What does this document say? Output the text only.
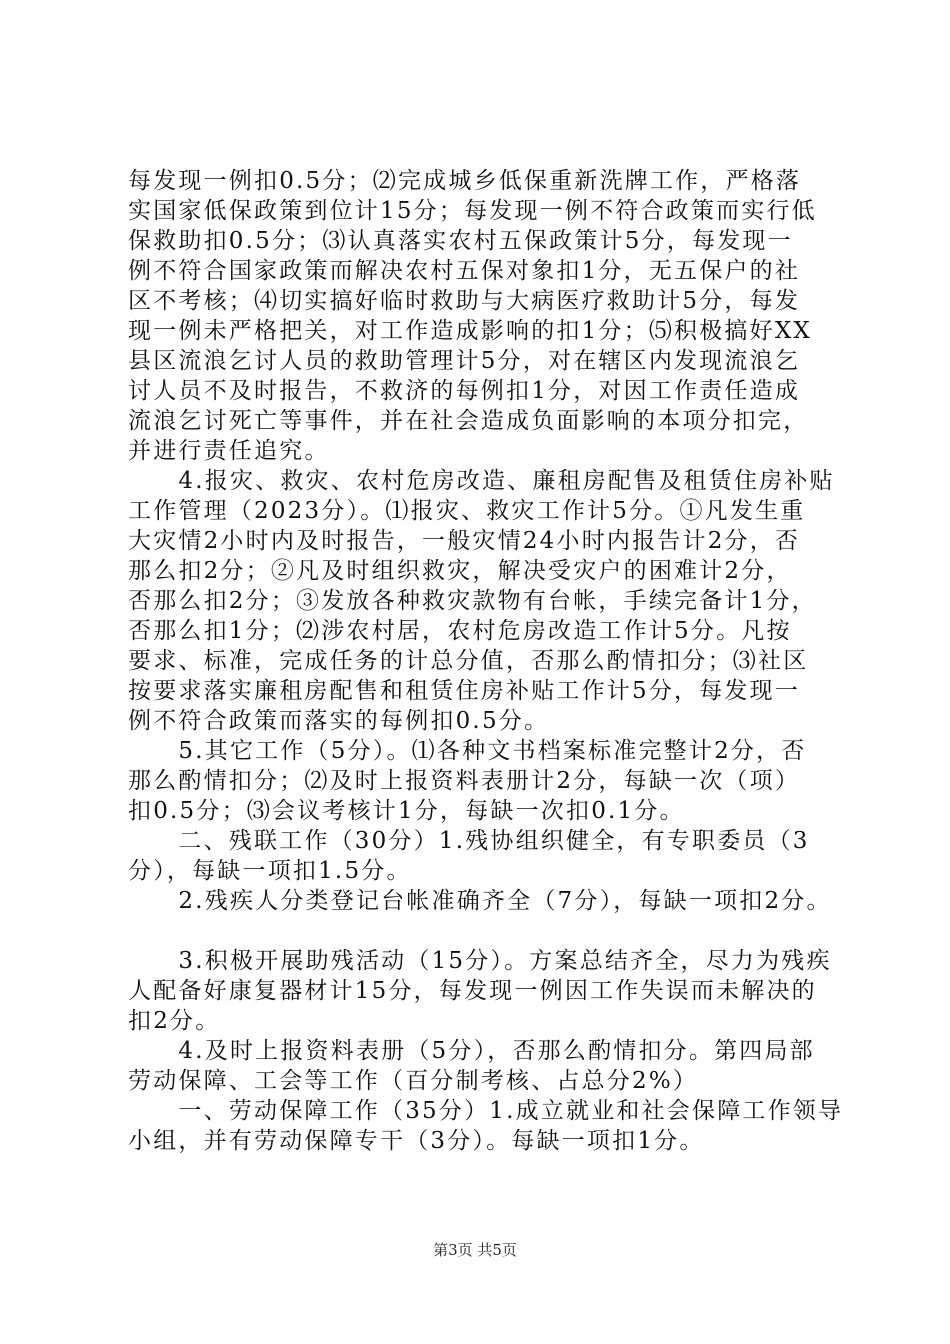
每发现一例扣0.5分；⑵完成城乡低保重新洗牌工作，严格落
实国家低保政策到位计15分；每发现一例不符合政策而实行低
保救助扣0.5分；⑶认真落实农村五保政策计5分，每发现一
例不符合国家政策而解决农村五保对象扣1分，无五保户的社
区不考核；⑷切实搞好临时救助与大病医疗救助计5分，每发
现一例未严格把关，对工作造成影响的扣1分；⑸积极搞好XX
县区流浪乞讨人员的救助管理计5分，对在辖区内发现流浪乞
讨人员不及时报告，不救济的每例扣1分，对因工作责任造成
流浪乞讨死亡等事件，并在社会造成负面影响的本项分扣完，
并进行责任追究。
　　4.报灾、救灾、农村危房改造、廉租房配售及租赁住房补贴
工作管理（2023分）。⑴报灾、救灾工作计5分。①凡发生重
大灾情2小时内及时报告，一般灾情24小时内报告计2分，否
那么扣2分；②凡及时组织救灾，解决受灾户的困难计2分，
否那么扣2分；③发放各种救灾款物有台帐，手续完备计1分，
否那么扣1分；⑵涉农村居，农村危房改造工作计5分。凡按
要求、标准，完成任务的计总分值，否那么酌情扣分；⑶社区
按要求落实廉租房配售和租赁住房补贴工作计5分，每发现一
例不符合政策而落实的每例扣0.5分。
　　5.其它工作（5分）。⑴各种文书档案标准完整计2分，否
那么酌情扣分；⑵及时上报资料表册计2分，每缺一次（项）
扣0.5分；⑶会议考核计1分，每缺一次扣0.1分。
　　二、残联工作（30分）1.残协组织健全，有专职委员（3
分），每缺一项扣1.5分。
　　2.残疾人分类登记台帐准确齐全（7分），每缺一项扣2分。
　　3.积极开展助残活动（15分）。方案总结齐全，尽力为残疾
人配备好康复器材计15分，每发现一例因工作失误而未解决的
扣2分。
　　4.及时上报资料表册（5分），否那么酌情扣分。第四局部
劳动保障、工会等工作（百分制考核、占总分2%）
　　一、劳动保障工作（35分）1.成立就业和社会保障工作领导
小组，并有劳动保障专干（3分）。每缺一项扣1分。
第3页 共5页
